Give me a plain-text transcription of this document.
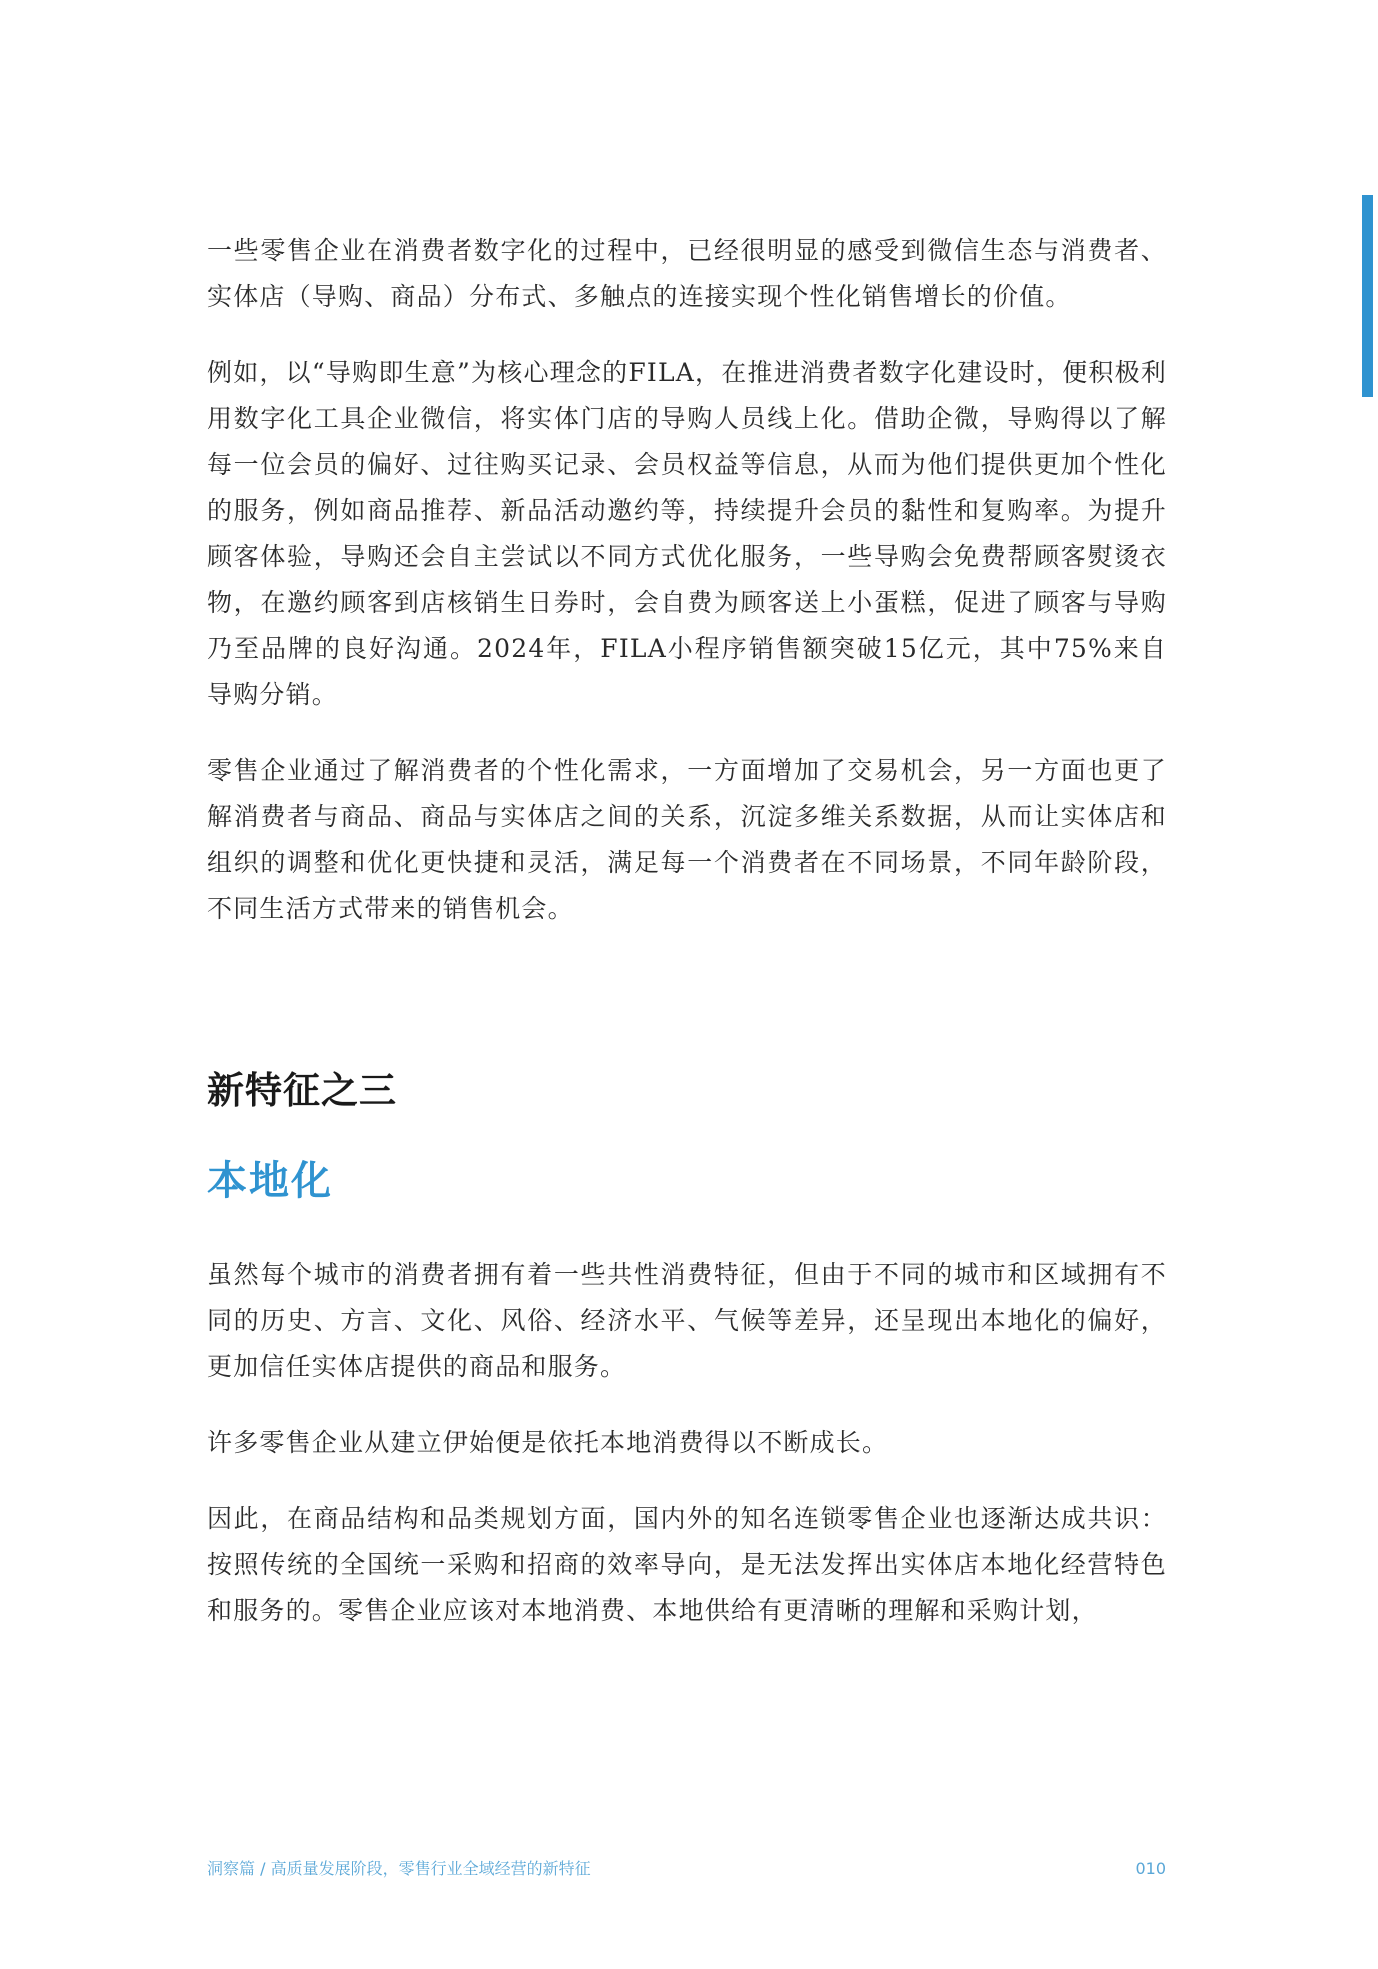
一些零售企业在消费者数字化的过程中，已经很明显的感受到微信生态与消费者、实体店（导购、商品）分布式、多触点的连接实现个性化销售增长的价值。

例如，以“导购即生意”为核心理念的FILA，在推进消费者数字化建设时，便积极利用数字化工具企业微信，将实体门店的导购人员线上化。借助企微，导购得以了解每一位会员的偏好、过往购买记录、会员权益等信息，从而为他们提供更加个性化的服务，例如商品推荐、新品活动邀约等，持续提升会员的黏性和复购率。为提升顾客体验，导购还会自主尝试以不同方式优化服务，一些导购会免费帮顾客熨烫衣物，在邀约顾客到店核销生日券时，会自费为顾客送上小蛋糕，促进了顾客与导购乃至品牌的良好沟通。2024年，FILA小程序销售额突破15亿元，其中75%来自导购分销。

零售企业通过了解消费者的个性化需求，一方面增加了交易机会，另一方面也更了解消费者与商品、商品与实体店之间的关系，沉淀多维关系数据，从而让实体店和组织的调整和优化更快捷和灵活，满足每一个消费者在不同场景，不同年龄阶段，不同生活方式带来的销售机会。

新特征之三
本地化

虽然每个城市的消费者拥有着一些共性消费特征，但由于不同的城市和区域拥有不同的历史、方言、文化、风俗、经济水平、气候等差异，还呈现出本地化的偏好，更加信任实体店提供的商品和服务。

许多零售企业从建立伊始便是依托本地消费得以不断成长。

因此，在商品结构和品类规划方面，国内外的知名连锁零售企业也逐渐达成共识：按照传统的全国统一采购和招商的效率导向，是无法发挥出实体店本地化经营特色和服务的。零售企业应该对本地消费、本地供给有更清晰的理解和采购计划，

洞察篇 / 高质量发展阶段，零售行业全域经营的新特征	010
